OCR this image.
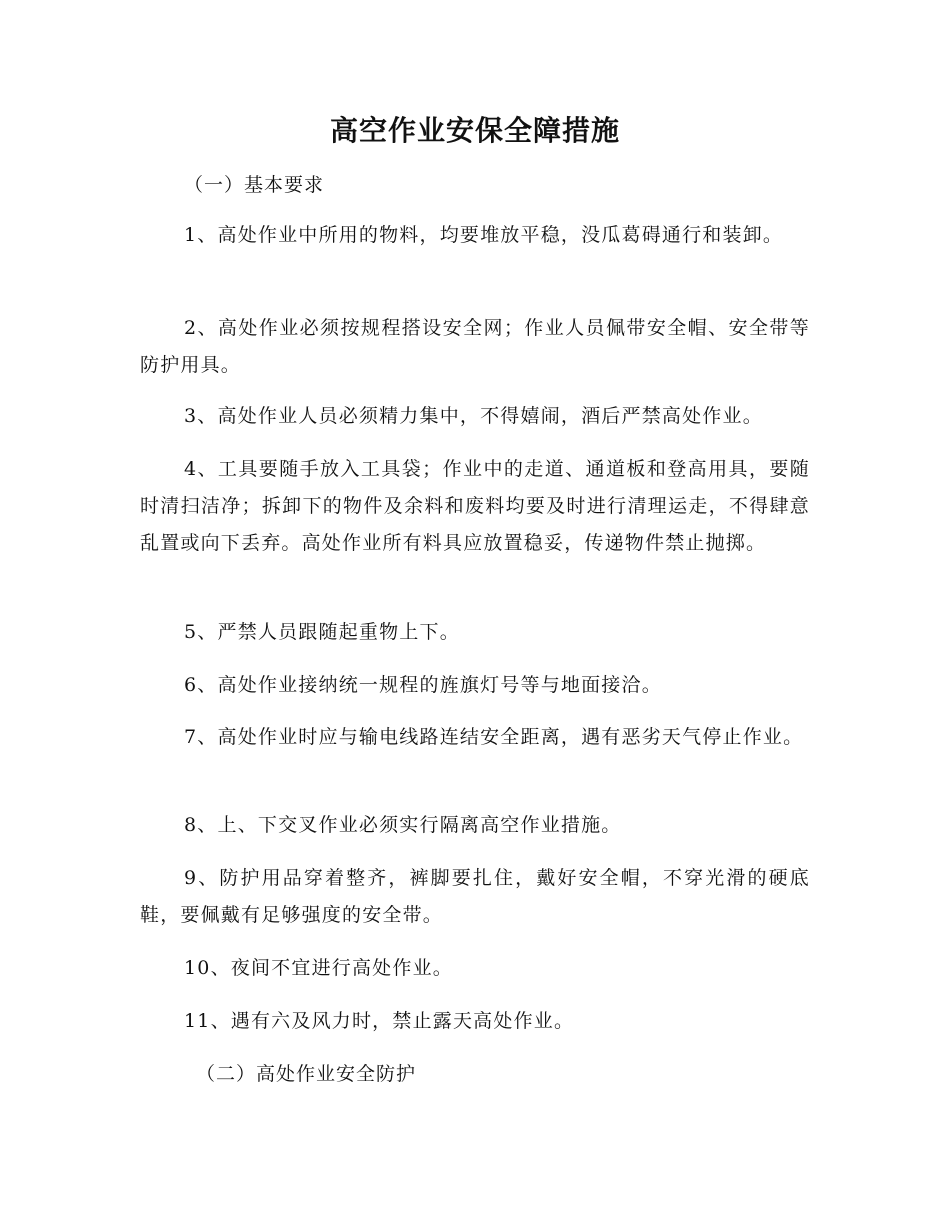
高空作业安保全障措施
（一）基本要求

1、高处作业中所用的物料，均要堆放平稳，没瓜葛碍通行和装卸。

2、高处作业必须按规程搭设安全网；作业人员佩带安全帽、安全带等防护用具。

3、高处作业人员必须精力集中，不得嬉闹，酒后严禁高处作业。

4、工具要随手放入工具袋；作业中的走道、通道板和登高用具，要随时清扫洁净；拆卸下的物件及余料和废料均要及时进行清理运走，不得肆意乱置或向下丢弃。高处作业所有料具应放置稳妥，传递物件禁止抛掷。

5、严禁人员跟随起重物上下。

6、高处作业接纳统一规程的旌旗灯号等与地面接洽。

7、高处作业时应与输电线路连结安全距离，遇有恶劣天气停止作业。

8、上、下交叉作业必须实行隔离高空作业措施。

9、防护用品穿着整齐，裤脚要扎住，戴好安全帽，不穿光滑的硬底鞋，要佩戴有足够强度的安全带。

10、夜间不宜进行高处作业。

11、遇有六及风力时，禁止露天高处作业。

（二）高处作业安全防护
